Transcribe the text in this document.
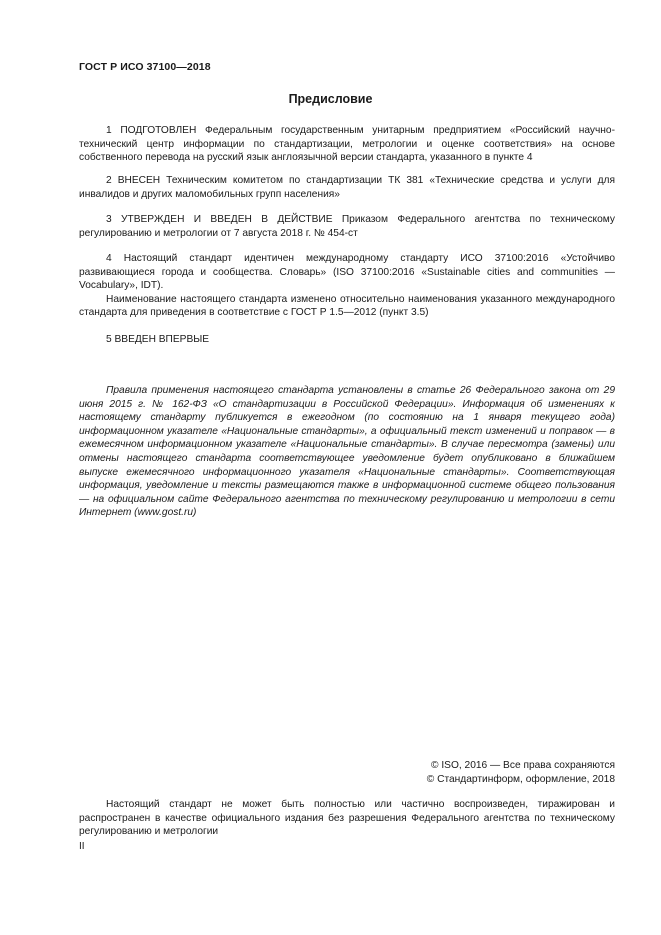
ГОСТ Р ИСО 37100—2018
Предисловие

1 ПОДГОТОВЛЕН Федеральным государственным унитарным предприятием «Российский научно-технический центр информации по стандартизации, метрологии и оценке соответствия» на основе собственного перевода на русский язык англоязычной версии стандарта, указанного в пункте 4

2 ВНЕСЕН Техническим комитетом по стандартизации ТК 381 «Технические средства и услуги для инвалидов и других маломобильных групп населения»

3 УТВЕРЖДЕН И ВВЕДЕН В ДЕЙСТВИЕ Приказом Федерального агентства по техническому регулированию и метрологии от 7 августа 2018 г. № 454-ст

4 Настоящий стандарт идентичен международному стандарту ИСО 37100:2016 «Устойчиво развивающиеся города и сообщества. Словарь» (ISO 37100:2016 «Sustainable cities and communities — Vocabulary», IDT).

Наименование настоящего стандарта изменено относительно наименования указанного международного стандарта для приведения в соответствие с ГОСТ Р 1.5—2012 (пункт 3.5)

5 ВВЕДЕН ВПЕРВЫЕ

Правила применения настоящего стандарта установлены в статье 26 Федерального закона от 29 июня 2015 г. № 162-ФЗ «О стандартизации в Российской Федерации». Информация об изменениях к настоящему стандарту публикуется в ежегодном (по состоянию на 1 января текущего года) информационном указателе «Национальные стандарты», а официальный текст изменений и поправок — в ежемесячном информационном указателе «Национальные стандарты». В случае пересмотра (замены) или отмены настоящего стандарта соответствующее уведомление будет опубликовано в ближайшем выпуске ежемесячного информационного указателя «Национальные стандарты». Соответствующая информация, уведомление и тексты размещаются также в информационной системе общего пользования — на официальном сайте Федерального агентства по техническому регулированию и метрологии в сети Интернет (www.gost.ru)

© ISO, 2016 — Все права сохраняются
© Стандартинформ, оформление, 2018

Настоящий стандарт не может быть полностью или частично воспроизведен, тиражирован и распространен в качестве официального издания без разрешения Федерального агентства по техническому регулированию и метрологии

II
